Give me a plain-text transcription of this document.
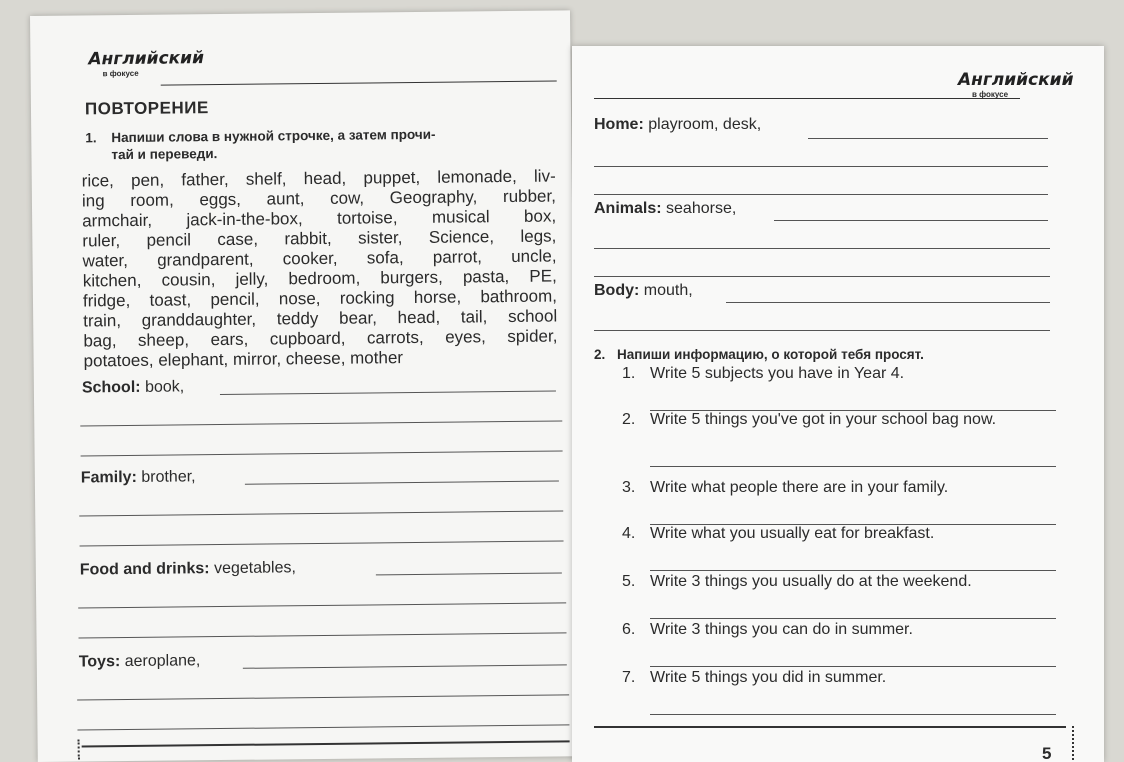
Английский
в фокусе
ПОВТОРЕНИЕ
1. Напиши слова в нужной строчке, а затем прочи-
тай и переведи.
rice, pen, father, shelf, head, puppet, lemonade, liv-
ing room, eggs, aunt, cow, Geography, rubber,
armchair, jack-in-the-box, tortoise, musical box,
ruler, pencil case, rabbit, sister, Science, legs,
water, grandparent, cooker, sofa, parrot, uncle,
kitchen, cousin, jelly, bedroom, burgers, pasta, PE,
fridge, toast, pencil, nose, rocking horse, bathroom,
train, granddaughter, teddy bear, head, tail, school
bag, sheep, ears, cupboard, carrots, eyes, spider,
potatoes, elephant, mirror, cheese, mother
School: book,
Family: brother,
Food and drinks: vegetables,
Toys: aeroplane,
Английский
в фокусе
Home: playroom, desk,
Animals: seahorse,
Body: mouth,
2. Напиши информацию, о которой тебя просят.
1. Write 5 subjects you have in Year 4.
2. Write 5 things you've got in your school bag now.
3. Write what people there are in your family.
4. Write what you usually eat for breakfast.
5. Write 3 things you usually do at the weekend.
6. Write 3 things you can do in summer.
7. Write 5 things you did in summer.
5
